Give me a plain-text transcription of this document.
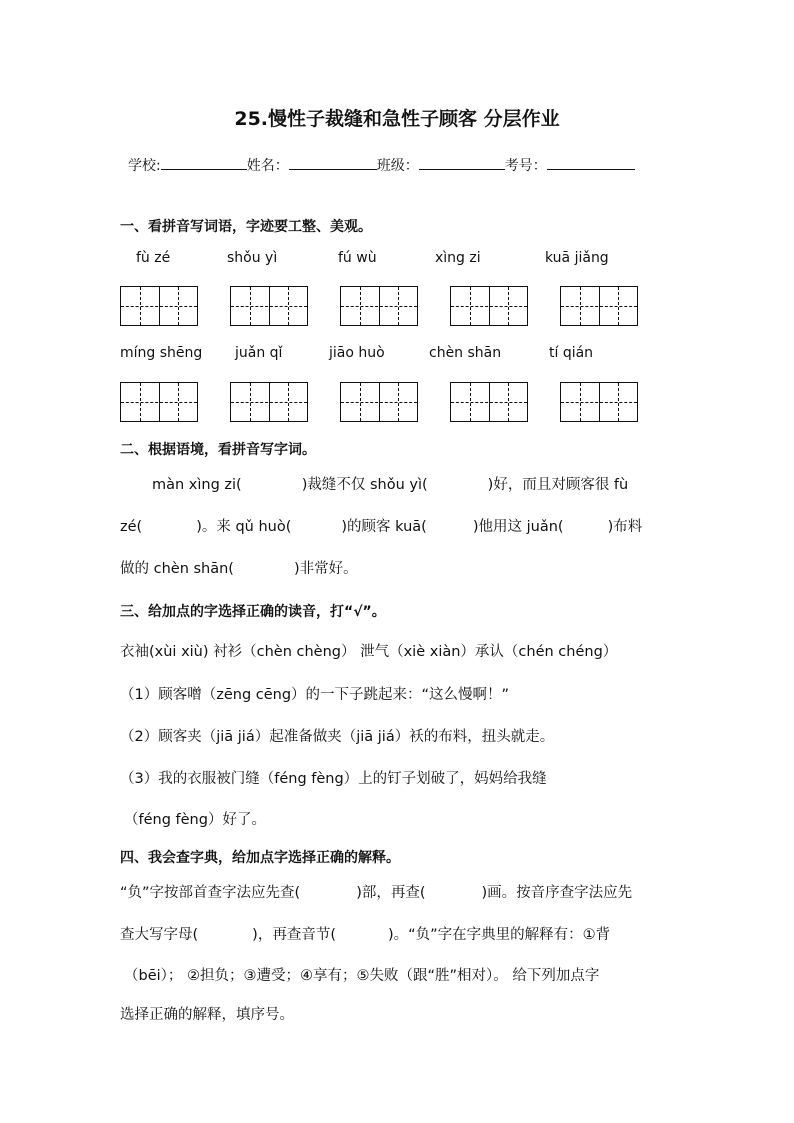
25.慢性子裁缝和急性子顾客 分层作业
学校:	姓名：	班级：	考号：
一、看拼音写词语，字迹要工整、美观。
fù zé	shǒu yì	fú wù	xìng zi	kuā jiǎng
míng shēng juǎn qǐ	jiāo huò	chèn shān	tí qián
二、根据语境，看拼音写字词。
màn xìng zi(	)裁缝不仅 shǒu yì(	)好，而且对顾客很 fù
zé(	)。来 qǔ huò(	)的顾客 kuā(	)他用这 juǎn(	)布料
做的 chèn shān(	)非常好。
三、给加点的字选择正确的读音，打“√”。
衣袖(xùi xiù) 衬衫（chèn chèng） 泄气（xiè xiàn）承认（chén chéng）
（1）顾客噌（zēng cēng）的一下子跳起来：“这么慢啊！”
（2）顾客夹（jiā jiá）起准备做夹（jiā jiá）袄的布料，扭头就走。
（3）我的衣服被门缝（féng fèng）上的钉子划破了，妈妈给我缝
（féng fèng）好了。
四、我会查字典，给加点字选择正确的解释。
“负”字按部首查字法应先查(	)部，再查(	)画。按音序查字法应先
查大写字母(	)，再查音节(	)。“负”字在字典里的解释有：①背
（bēi）； ②担负；③遭受；④享有；⑤失败（跟“胜”相对）。 给下列加点字
选择正确的解释，填序号。
